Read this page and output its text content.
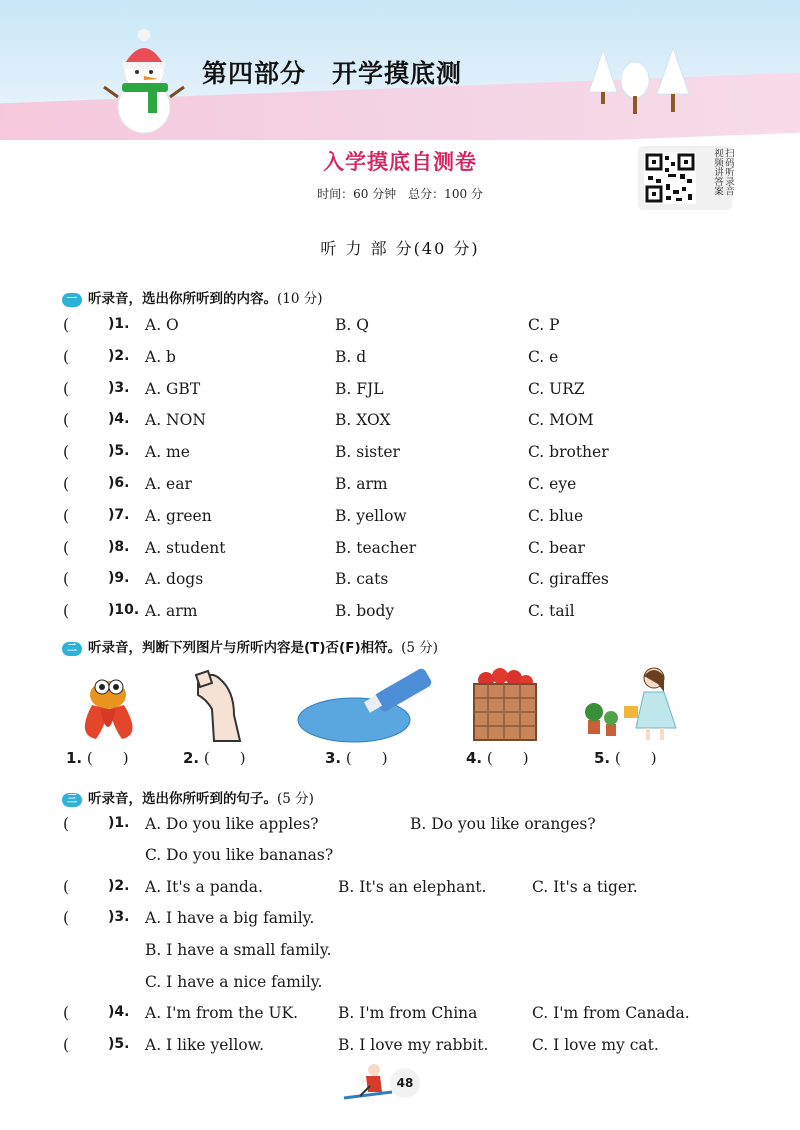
第四部分　开学摸底测
入学摸底自测卷
时间：60 分钟　总分：100 分	扫码听录音 视频讲答案
听 力 部 分(40 分)
一 听录音，选出你所听到的内容。(10 分)
(	)1. A. O	B. Q	C. P
(	)2. A. b	B. d	C. e
(	)3. A. GBT	B. FJL	C. URZ
(	)4. A. NON	B. XOX	C. MOM
(	)5. A. me	B. sister	C. brother
(	)6. A. ear	B. arm	C. eye
(	)7. A. green	B. yellow	C. blue
(	)8. A. student	B. teacher	C. bear
(	)9. A. dogs	B. cats	C. giraffes
(	)10. A. arm	B. body	C. tail
二 听录音，判断下列图片与所听内容是(T)否(F)相符。(5 分)
1. (　　)	2. (　　)	3. (　　)	4. (　　)	5. (　　)
三 听录音，选出你所听到的句子。(5 分)
(	)1. A. Do you like apples?	B. Do you like oranges?
C. Do you like bananas?
(	)2. A. It's a panda.	B. It's an elephant.	C. It's a tiger.
(	)3. A. I have a big family.
B. I have a small family.
C. I have a nice family.
(	)4. A. I'm from the UK.	B. I'm from China	C. I'm from Canada.
(	)5. A. I like yellow.	B. I love my rabbit.	C. I love my cat.
48
